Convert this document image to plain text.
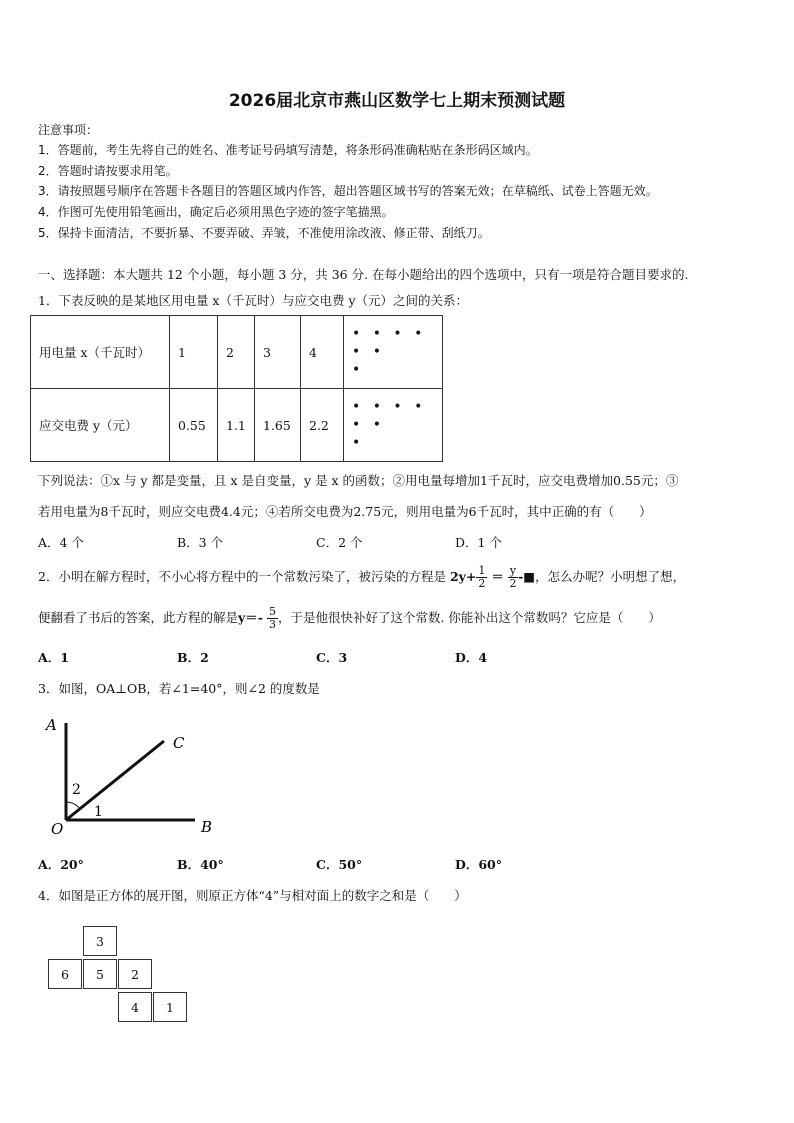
2026届北京市燕山区数学七上期末预测试题
注意事项：
1．答题前，考生先将自己的姓名、准考证号码填写清楚，将条形码准确粘贴在条形码区域内。
2．答题时请按要求用笔。
3．请按照题号顺序在答题卡各题目的答题区域内作答，超出答题区域书写的答案无效；在草稿纸、试卷上答题无效。
4．作图可先使用铅笔画出，确定后必须用黑色字迹的签字笔描黑。
5．保持卡面清洁，不要折暴、不要弄破、弄皱，不准使用涂改液、修正带、刮纸刀。
一、选择题：本大题共 12 个小题，每小题 3 分，共 36 分. 在每小题给出的四个选项中，只有一项是符合题目要求的.
1．下表反映的是某地区用电量 x（千瓦时）与应交电费 y（元）之间的关系：
用电量 x（千瓦时）	1	2	3	4	• • • • • •
•

应交电费 y（元）	0.55	1.1	1.65	2.2	• • • • • •
•
下列说法：①x 与 y 都是变量，且 x 是自变量，y 是 x 的函数；②用电量每增加1千瓦时，应交电费增加0.55元；③
若用电量为8千瓦时，则应交电费4.4元；④若所交电费为2.75元，则用电量为6千瓦时，其中正确的有（　　）
A．4 个	B．3 个	C．2 个	D．1 个
2．小明在解方程时，不小心将方程中的一个常数污染了，被污染的方程是 $2y+ \frac{1}{2} = \frac{y}{2}$ -■，怎么办呢？小明想了想，
便翻看了书后的答案，此方程的解是$y=- \frac{5}{3}$ ，于是他很快补好了这个常数. 你能补出这个常数吗？它应是（　　）
A．1	B．2	C．3	D．4
3．如图，OA⊥OB，若∠1=40°，则∠2 的度数是
A
C
B
O
2
1
A．20°	B．40°	C．50°	D．60°
4．如图是正方体的展开图，则原正方体“4”与相对面上的数字之和是（　　）
3
6	5	2
4	1
